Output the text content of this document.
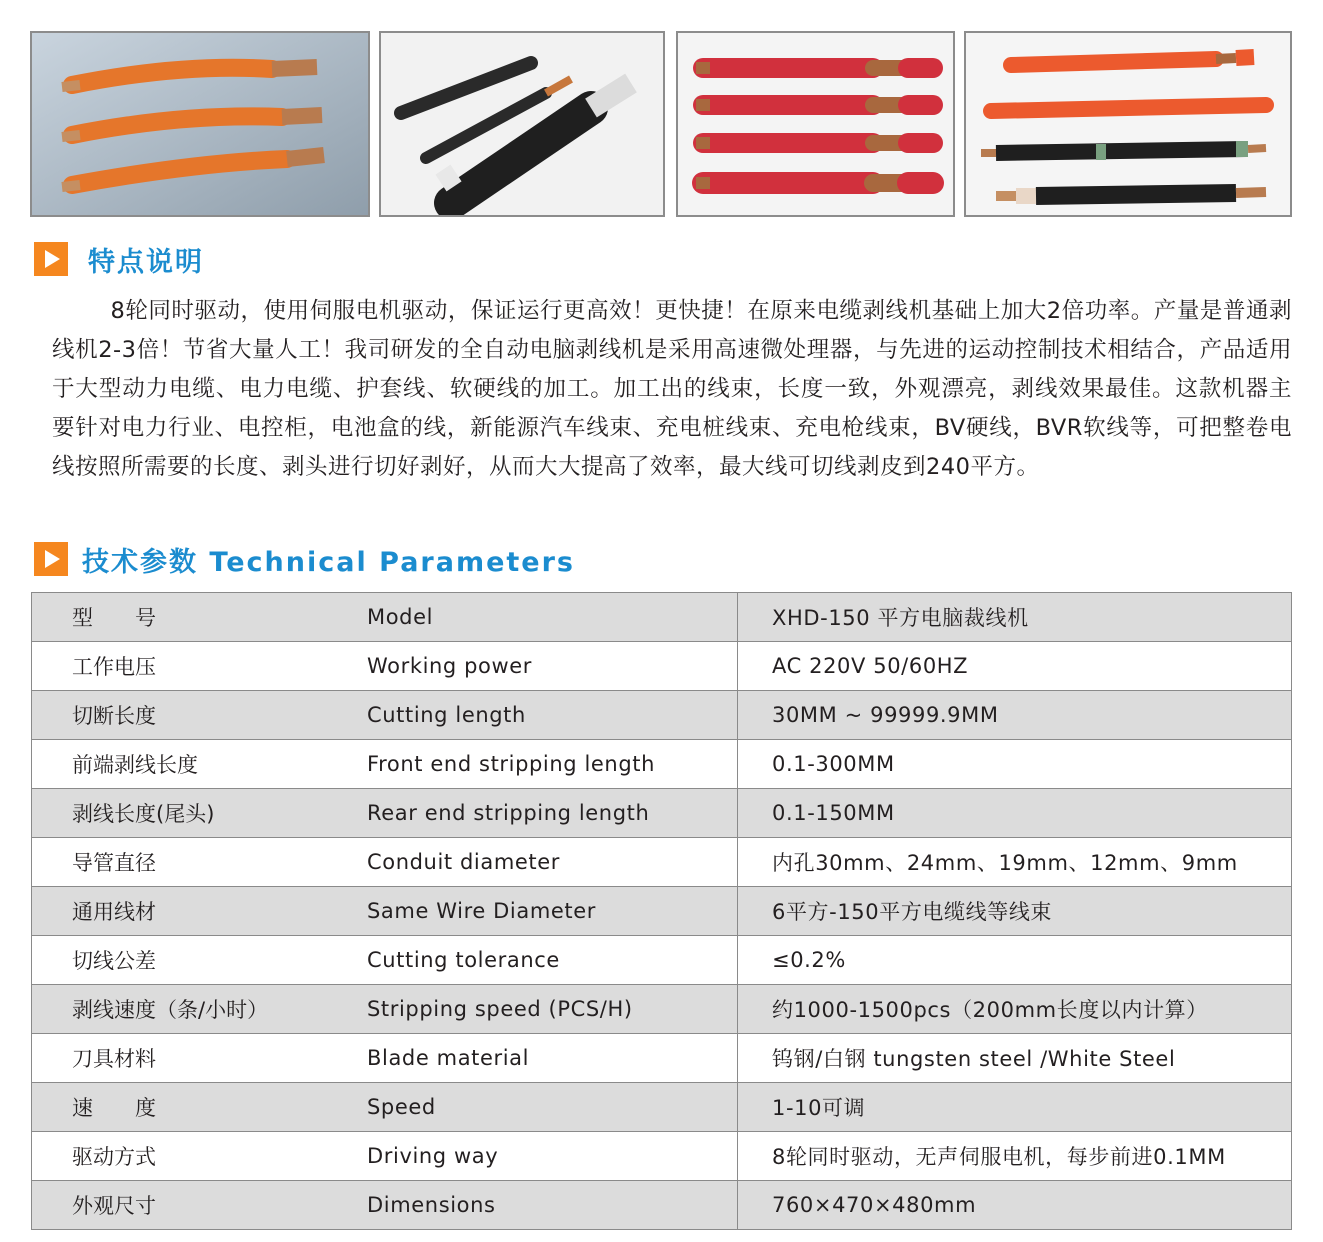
特点说明

8轮同时驱动，使用伺服电机驱动，保证运行更高效！更快捷！在原来电缆剥线机基础上加大2倍功率。产量是普通剥线机2-3倍！节省大量人工！我司研发的全自动电脑剥线机是采用高速微处理器，与先进的运动控制技术相结合，产品适用于大型动力电缆、电力电缆、护套线、软硬线的加工。加工出的线束，长度一致，外观漂亮，剥线效果最佳。这款机器主要针对电力行业、电控柜，电池盒的线，新能源汽车线束、充电桩线束、充电枪线束，BV硬线，BVR软线等，可把整卷电线按照所需要的长度、剥头进行切好剥好，从而大大提高了效率，最大线可切线剥皮到240平方。

技术参数 Technical Parameters
型　　号	Model	XHD-150 平方电脑裁线机
工作电压	Working power	AC 220V 50/60HZ
切断长度	Cutting length	30MM ~ 99999.9MM
前端剥线长度	Front end stripping length	0.1-300MM
剥线长度(尾头)	Rear end stripping length	0.1-150MM
导管直径	Conduit diameter	内孔30mm、24mm、19mm、12mm、9mm
通用线材	Same Wire Diameter	6平方-150平方电缆线等线束
切线公差	Cutting tolerance	≤0.2%
剥线速度（条/小时）	Stripping speed (PCS/H)	约1000-1500pcs（200mm长度以内计算）
刀具材料	Blade material	钨钢/白钢 tungsten steel /White Steel
速　　度	Speed	1-10可调
驱动方式	Driving way	8轮同时驱动，无声伺服电机，每步前进0.1MM
外观尺寸	Dimensions	760×470×480mm
